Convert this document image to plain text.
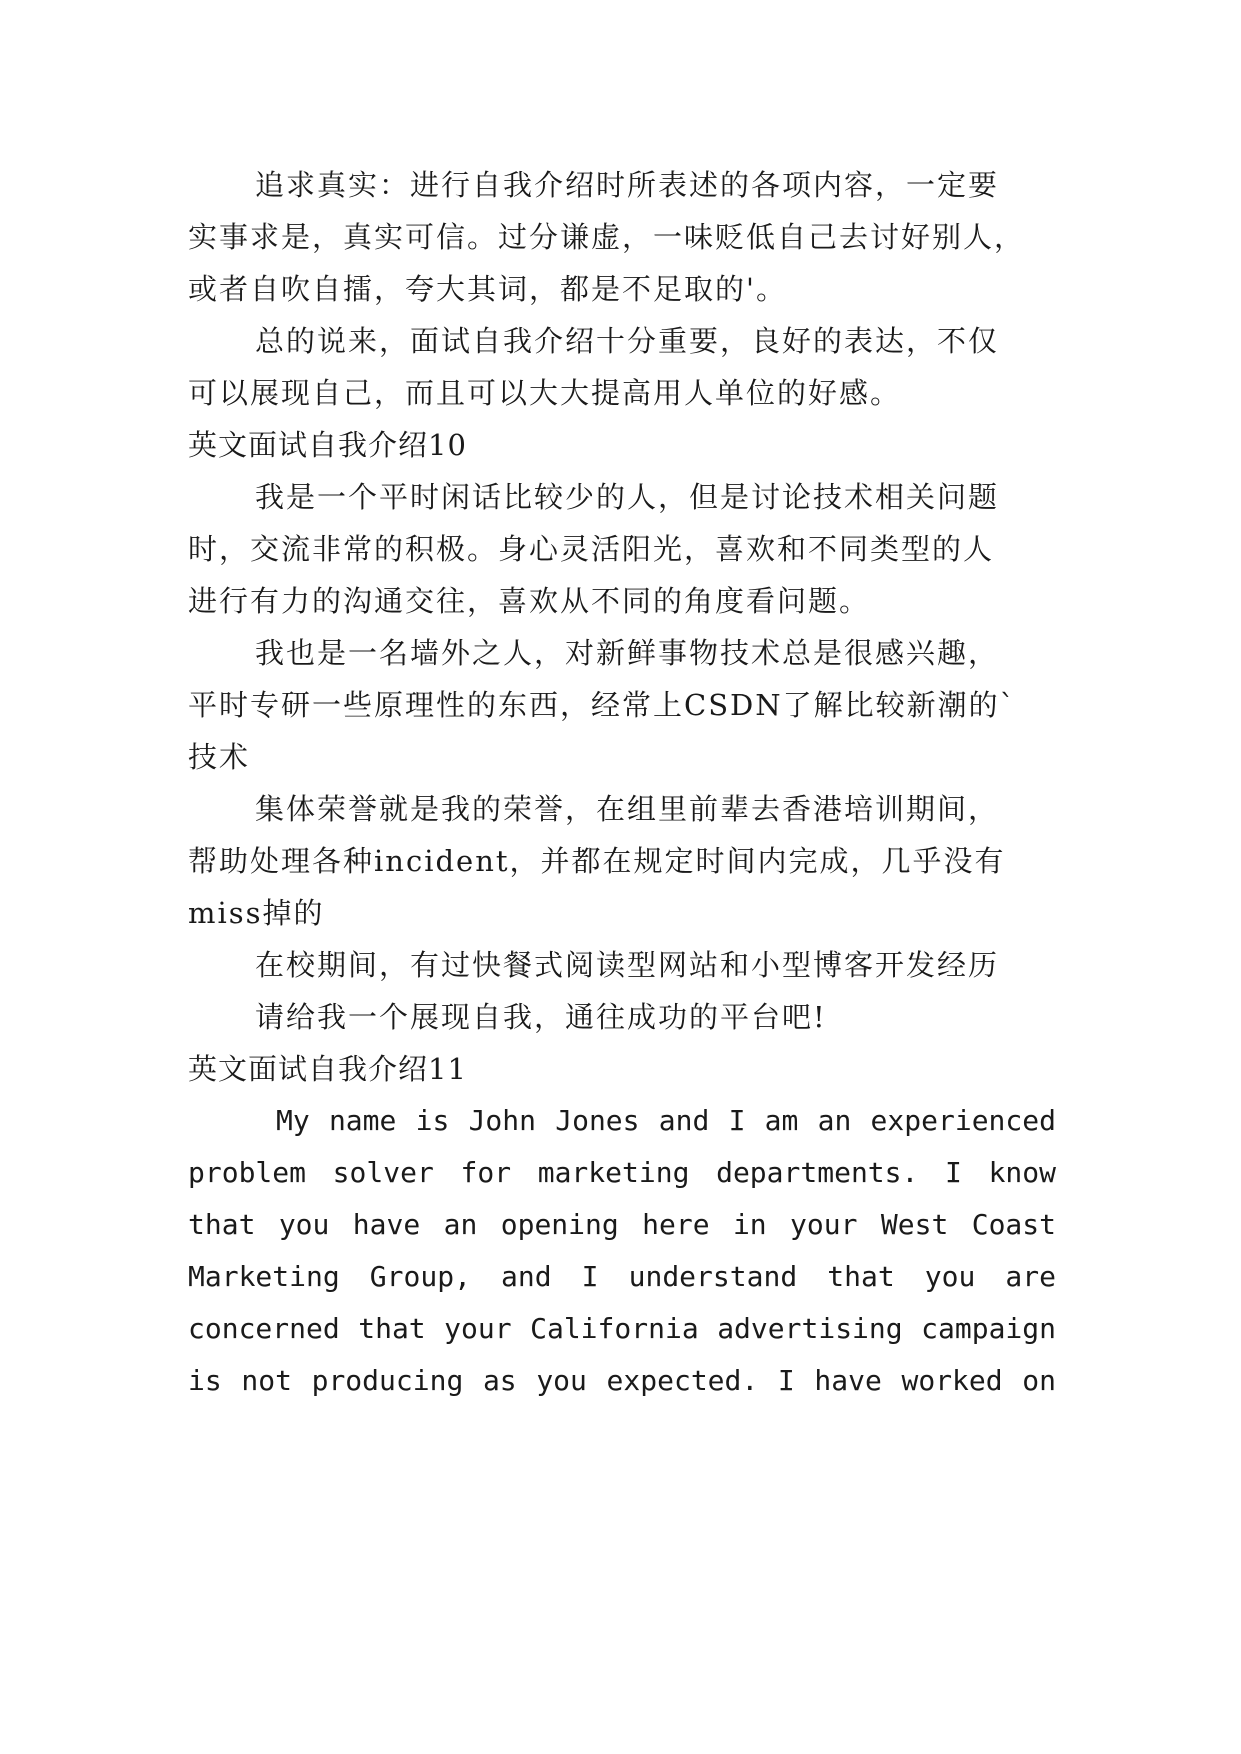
追求真实：进行自我介绍时所表述的各项内容，一定要
实事求是，真实可信。过分谦虚，一味贬低自己去讨好别人，
或者自吹自擂，夸大其词，都是不足取的'。
总的说来，面试自我介绍十分重要，良好的表达，不仅
可以展现自己，而且可以大大提高用人单位的好感。
英文面试自我介绍10
我是一个平时闲话比较少的人，但是讨论技术相关问题
时，交流非常的积极。身心灵活阳光，喜欢和不同类型的人
进行有力的沟通交往，喜欢从不同的角度看问题。
我也是一名墙外之人，对新鲜事物技术总是很感兴趣，
平时专研一些原理性的东西，经常上CSDN了解比较新潮的`
技术
集体荣誉就是我的荣誉，在组里前辈去香港培训期间，
帮助处理各种incident，并都在规定时间内完成，几乎没有
miss掉的
在校期间，有过快餐式阅读型网站和小型博客开发经历
请给我一个展现自我，通往成功的平台吧!
英文面试自我介绍11
My name is John Jones and I am an experienced
problem solver for marketing departments. I know
that you have an opening here in your West Coast
Marketing Group, and I understand that you are
concerned that your California advertising campaign
is not producing as you expected. I have worked on
